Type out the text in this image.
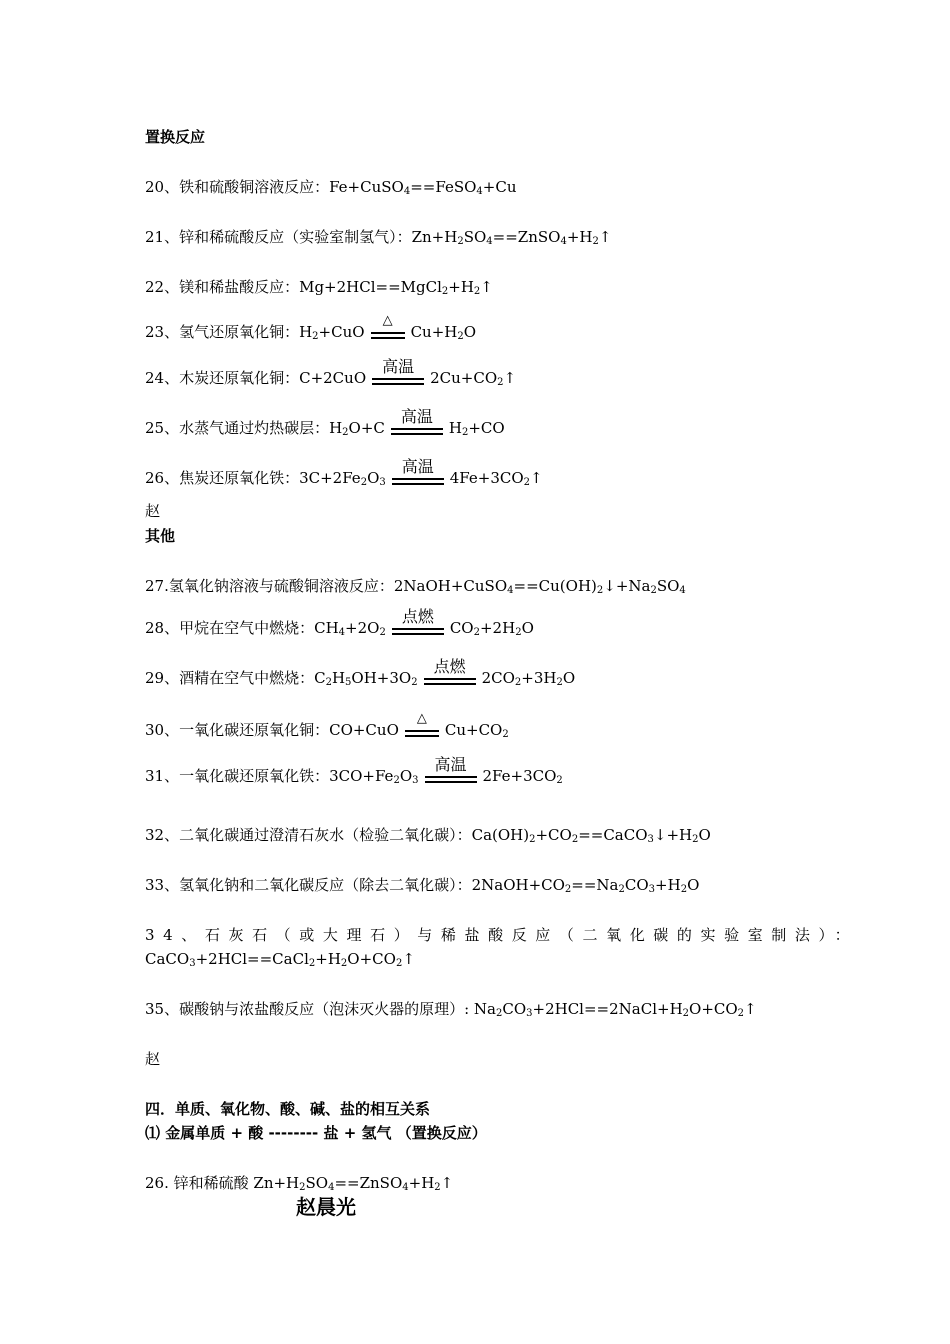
置换反应
20、铁和硫酸铜溶液反应：Fe+CuSO$_4$==FeSO$_4$+Cu
21、锌和稀硫酸反应（实验室制氢气）：$Zn+H_2SO_4==ZnSO_4+H_2↑$
22、镁和稀盐酸反应：$Mg+2HCl==MgCl_2+H_2↑$
23、氢气还原氧化铜：$H_2+CuO$
△
$Cu+H_2O$
24、木炭还原氧化铜：C+2CuO
高温
$2Cu+CO_2↑$
25、水蒸气通过灼热碳层：$H_2O+C$
高温
$H_2+CO$
26、焦炭还原氧化铁：$3C+2Fe_2O_3$
高温
$4Fe+3CO_2↑$
赵
其他
27.氢氧化钠溶液与硫酸铜溶液反应：$2NaOH+CuSO_4==Cu(OH)_2↓+Na_2SO_4$
28、甲烷在空气中燃烧：$CH_4+2O_2$
点燃
$CO_2+2H_2O$
29、酒精在空气中燃烧：$C_2H_5OH+3O_2$
点燃
$2CO_2+3H_2O$
30、一氧化碳还原氧化铜：CO+CuO
△
$Cu+CO_2$
31、一氧化碳还原氧化铁：$3CO+Fe_2O_3$
高温
$2Fe+3CO_2$
32、二氧化碳通过澄清石灰水（检验二氧化碳）：$Ca(OH)_2+CO_2==CaCO_3↓+H_2O$
33、氢氧化钠和二氧化碳反应（除去二氧化碳）：$2NaOH+CO_2==Na_2CO_3+H_2O$
34、石灰石（或大理石）与稀盐酸反应（二氧化碳的实验室制法）：
$CaCO_3+2HCl==CaCl_2+H_2O+CO_2↑$
35、碳酸钠与浓盐酸反应（泡沫灭火器的原理）: $Na_2CO_3+2HCl==2NaCl+H_2O+CO_2↑$
赵
四．单质、氧化物、酸、碱、盐的相互关系
⑴ 金属单质 + 酸 -------- 盐 + 氢气 （置换反应）
26. 锌和稀硫酸 $Zn+H_2SO_4==ZnSO_4+H_2↑$
赵晨光
